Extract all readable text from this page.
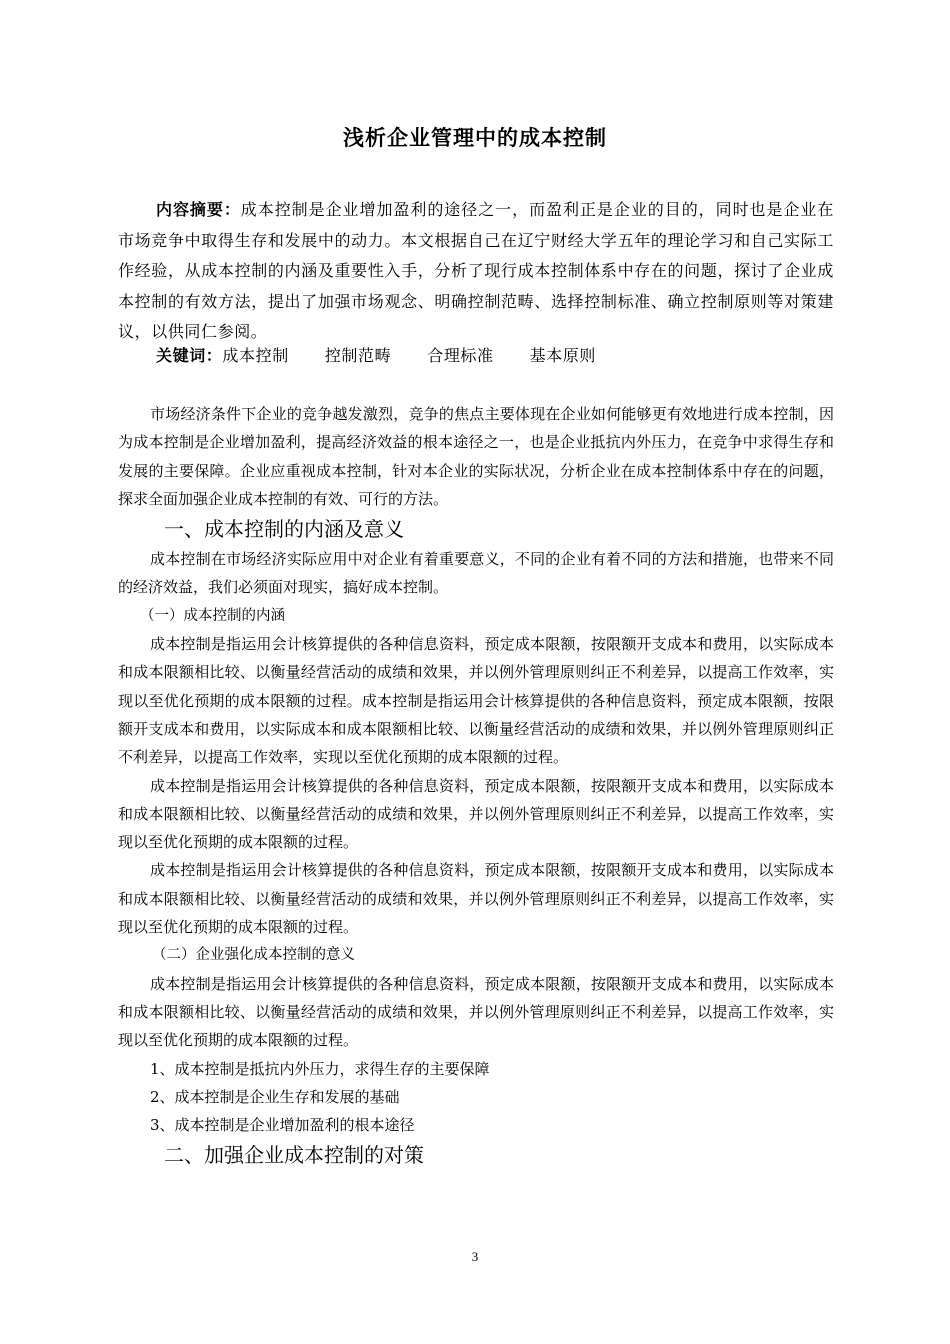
浅析企业管理中的成本控制
内容摘要：成本控制是企业增加盈利的途径之一，而盈利正是企业的目的，同时也是企业在市场竞争中取得生存和发展中的动力。本文根据自己在辽宁财经大学五年的理论学习和自己实际工作经验，从成本控制的内涵及重要性入手，分析了现行成本控制体系中存在的问题，探讨了企业成本控制的有效方法，提出了加强市场观念、明确控制范畴、选择控制标准、确立控制原则等对策建议，以供同仁参阅。
关键词：成本控制 控制范畴 合理标准 基本原则

市场经济条件下企业的竞争越发激烈，竞争的焦点主要体现在企业如何能够更有效地进行成本控制，因为成本控制是企业增加盈利，提高经济效益的根本途径之一，也是企业抵抗内外压力，在竞争中求得生存和发展的主要保障。企业应重视成本控制，针对本企业的实际状况，分析企业在成本控制体系中存在的问题，探求全面加强企业成本控制的有效、可行的方法。

一、成本控制的内涵及意义

成本控制在市场经济实际应用中对企业有着重要意义，不同的企业有着不同的方法和措施，也带来不同的经济效益，我们必须面对现实，搞好成本控制。

（一）成本控制的内涵

成本控制是指运用会计核算提供的各种信息资料，预定成本限额，按限额开支成本和费用，以实际成本和成本限额相比较、以衡量经营活动的成绩和效果，并以例外管理原则纠正不利差异，以提高工作效率，实现以至优化预期的成本限额的过程。成本控制是指运用会计核算提供的各种信息资料，预定成本限额，按限额开支成本和费用，以实际成本和成本限额相比较、以衡量经营活动的成绩和效果，并以例外管理原则纠正不利差异，以提高工作效率，实现以至优化预期的成本限额的过程。

成本控制是指运用会计核算提供的各种信息资料，预定成本限额，按限额开支成本和费用，以实际成本和成本限额相比较、以衡量经营活动的成绩和效果，并以例外管理原则纠正不利差异，以提高工作效率，实现以至优化预期的成本限额的过程。

成本控制是指运用会计核算提供的各种信息资料，预定成本限额，按限额开支成本和费用，以实际成本和成本限额相比较、以衡量经营活动的成绩和效果，并以例外管理原则纠正不利差异，以提高工作效率，实现以至优化预期的成本限额的过程。

（二）企业强化成本控制的意义

成本控制是指运用会计核算提供的各种信息资料，预定成本限额，按限额开支成本和费用，以实际成本和成本限额相比较、以衡量经营活动的成绩和效果，并以例外管理原则纠正不利差异，以提高工作效率，实现以至优化预期的成本限额的过程。

1、成本控制是抵抗内外压力，求得生存的主要保障

2、成本控制是企业生存和发展的基础

3、成本控制是企业增加盈利的根本途径

二、加强企业成本控制的对策
3
